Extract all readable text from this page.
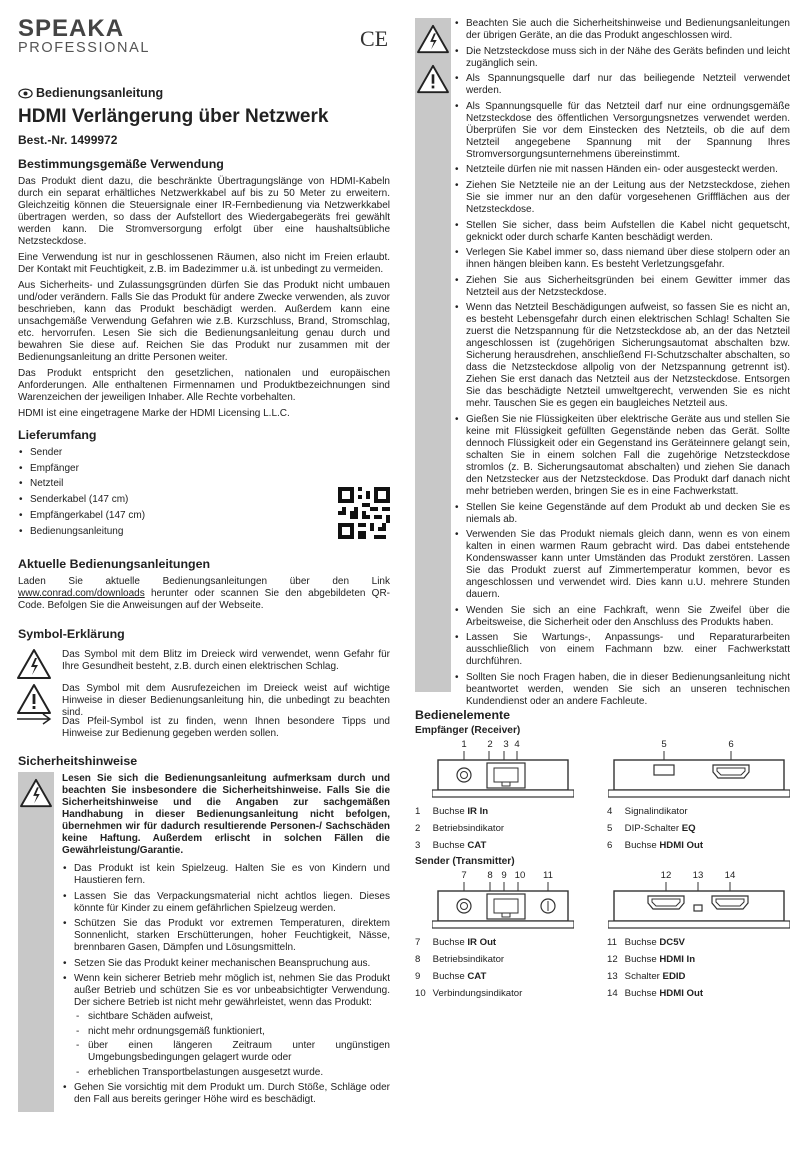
SPEAKA
PROFESSIONAL	CE
Bedienungsanleitung
HDMI Verlängerung über Netzwerk
Best.-Nr. 1499972
Bestimmungsgemäße Verwendung

Das Produkt dient dazu, die beschränkte Übertragungslänge von HDMI-Kabeln durch ein separat erhältliches Netzwerkkabel auf bis zu 50 Meter zu erweitern. Gleichzeitig können die Steuersignale einer IR-Fernbedienung via Netzwerkkabel übertragen werden, so dass der Aufstellort des Wiedergabegeräts frei gewählt werden kann. Die Stromversorgung erfolgt über eine haushaltsübliche Netzsteckdose.

Eine Verwendung ist nur in geschlossenen Räumen, also nicht im Freien erlaubt. Der Kontakt mit Feuchtigkeit, z.B. im Badezimmer u.ä. ist unbedingt zu vermeiden.

Aus Sicherheits- und Zulassungsgründen dürfen Sie das Produkt nicht umbauen und/oder verändern. Falls Sie das Produkt für andere Zwecke verwenden, als zuvor beschrieben, kann das Produkt beschädigt werden. Außerdem kann eine unsachgemäße Verwendung Gefahren wie z.B. Kurzschluss, Brand, Stromschlag, etc. hervorrufen. Lesen Sie sich die Bedienungsanleitung genau durch und bewahren Sie diese auf. Reichen Sie das Produkt nur zusammen mit der Bedienungsanleitung an dritte Personen weiter.

Das Produkt entspricht den gesetzlichen, nationalen und europäischen Anforderungen. Alle enthaltenen Firmennamen und Produktbezeichnungen sind Warenzeichen der jeweiligen Inhaber. Alle Rechte vorbehalten.

HDMI ist eine eingetragene Marke der HDMI Licensing L.L.C.

Lieferumfang
• Sender
• Empfänger
• Netzteil
• Senderkabel (147 cm)
• Empfängerkabel (147 cm)
• Bedienungsanleitung
Aktuelle Bedienungsanleitungen

Laden Sie aktuelle Bedienungsanleitungen über den Link www.conrad.com/downloads herunter oder scannen Sie den abgebildeten QR-Code. Befolgen Sie die Anweisungen auf der Webseite.

Symbol-Erklärung

Das Symbol mit dem Blitz im Dreieck wird verwendet, wenn Gefahr für Ihre Gesundheit besteht, z.B. durch einen elektrischen Schlag.

Das Symbol mit dem Ausrufezeichen im Dreieck weist auf wichtige Hinweise in dieser Bedienungsanleitung hin, die unbedingt zu beachten sind.

Das Pfeil-Symbol ist zu finden, wenn Ihnen besondere Tipps und Hinweise zur Bedienung gegeben werden sollen.

Sicherheitshinweise

Lesen Sie sich die Bedienungsanleitung aufmerksam durch und beachten Sie insbesondere die Sicherheitshinweise. Falls Sie die Sicherheitshinweise und die Angaben zur sachgemäßen Handhabung in dieser Bedienungsanleitung nicht befolgen, übernehmen wir für dadurch resultierende Personen-/ Sachschäden keine Haftung. Außerdem erlischt in solchen Fällen die Gewährleistung/Garantie.

• Das Produkt ist kein Spielzeug. Halten Sie es von Kindern und Haustieren fern.
• Lassen Sie das Verpackungsmaterial nicht achtlos liegen. Dieses könnte für Kinder zu einem gefährlichen Spielzeug werden.
• Schützen Sie das Produkt vor extremen Temperaturen, direktem Sonnenlicht, starken Erschütterungen, hoher Feuchtigkeit, Nässe, brennbaren Gasen, Dämpfen und Lösungsmitteln.
• Setzen Sie das Produkt keiner mechanischen Beanspruchung aus.
• Wenn kein sicherer Betrieb mehr möglich ist, nehmen Sie das Produkt außer Betrieb und schützen Sie es vor unbeabsichtigter Verwendung. Der sichere Betrieb ist nicht mehr gewährleistet, wenn das Produkt:
- sichtbare Schäden aufweist,
- nicht mehr ordnungsgemäß funktioniert,
- über einen längeren Zeitraum unter ungünstigen Umgebungsbedingungen gelagert wurde oder
- erheblichen Transportbelastungen ausgesetzt wurde.
• Gehen Sie vorsichtig mit dem Produkt um. Durch Stöße, Schläge oder den Fall aus bereits geringer Höhe wird es beschädigt.
• Beachten Sie auch die Sicherheitshinweise und Bedienungsanleitungen der übrigen Geräte, an die das Produkt angeschlossen wird.
• Die Netzsteckdose muss sich in der Nähe des Geräts befinden und leicht zugänglich sein.
• Als Spannungsquelle darf nur das beiliegende Netzteil verwendet werden.
• Als Spannungsquelle für das Netzteil darf nur eine ordnungsgemäße Netzsteckdose des öffentlichen Versorgungsnetzes verwendet werden. Überprüfen Sie vor dem Einstecken des Netzteils, ob die auf dem Netzteil angegebene Spannung mit der Spannung Ihres Stromversorgungsunternehmens übereinstimmt.
• Netzteile dürfen nie mit nassen Händen ein- oder ausgesteckt werden.
• Ziehen Sie Netzteile nie an der Leitung aus der Netzsteckdose, ziehen Sie sie immer nur an den dafür vorgesehenen Griffflächen aus der Netzsteckdose.
• Stellen Sie sicher, dass beim Aufstellen die Kabel nicht gequetscht, geknickt oder durch scharfe Kanten beschädigt werden.
• Verlegen Sie Kabel immer so, dass niemand über diese stolpern oder an ihnen hängen bleiben kann. Es besteht Verletzungsgefahr.
• Ziehen Sie aus Sicherheitsgründen bei einem Gewitter immer das Netzteil aus der Netzsteckdose.
• Wenn das Netzteil Beschädigungen aufweist, so fassen Sie es nicht an, es besteht Lebensgefahr durch einen elektrischen Schlag! Schalten Sie zuerst die Netzspannung für die Netzsteckdose ab, an der das Netzteil angeschlossen ist (zugehörigen Sicherungsautomat abschalten bzw. Sicherung herausdrehen, anschließend FI-Schutzschalter abschalten, so dass die Netzsteckdose allpolig von der Netzspannung getrennt ist). Ziehen Sie erst danach das Netzteil aus der Netzsteckdose. Entsorgen Sie das beschädigte Netzteil umweltgerecht, verwenden Sie es nicht mehr. Tauschen Sie es gegen ein baugleiches Netzteil aus.
• Gießen Sie nie Flüssigkeiten über elektrische Geräte aus und stellen Sie keine mit Flüssigkeit gefüllten Gegenstände neben das Gerät. Sollte dennoch Flüssigkeit oder ein Gegenstand ins Geräteinnere gelangt sein, schalten Sie in einem solchen Fall die zugehörige Netzsteckdose stromlos (z. B. Sicherungsautomat abschalten) und ziehen Sie danach den Netzstecker aus der Netzsteckdose. Das Produkt darf danach nicht mehr betrieben werden, bringen Sie es in eine Fachwerkstatt.
• Stellen Sie keine Gegenstände auf dem Produkt ab und decken Sie es niemals ab.
• Verwenden Sie das Produkt niemals gleich dann, wenn es von einem kalten in einen warmen Raum gebracht wird. Das dabei entstehende Kondenswasser kann unter Umständen das Produkt zerstören. Lassen Sie das Produkt zuerst auf Zimmertemperatur kommen, bevor es angeschlossen und verwendet wird. Dies kann u.U. mehrere Stunden dauern.
• Wenden Sie sich an eine Fachkraft, wenn Sie Zweifel über die Arbeitsweise, die Sicherheit oder den Anschluss des Produkts haben.
• Lassen Sie Wartungs-, Anpassungs- und Reparaturarbeiten ausschließlich von einem Fachmann bzw. einer Fachwerkstatt durchführen.
• Sollten Sie noch Fragen haben, die in dieser Bedienungsanleitung nicht beantwortet werden, wenden Sie sich an unseren technischen Kundendienst oder an andere Fachleute.
Bedienelemente
Empfänger (Receiver)
1	2	3 4	5	6
1 Buchse IR In
2 Betriebsindikator
3 Buchse CAT
4 Signalindikator
5 DIP-Schalter EQ
6 Buchse HDMI Out
Sender (Transmitter)
7	8 9 10	11	12	13	14
7 Buchse IR Out
8 Betriebsindikator
9 Buchse CAT
10 Verbindungsindikator
11 Buchse DC5V
12 Buchse HDMI In
13 Schalter EDID
14 Buchse HDMI Out
